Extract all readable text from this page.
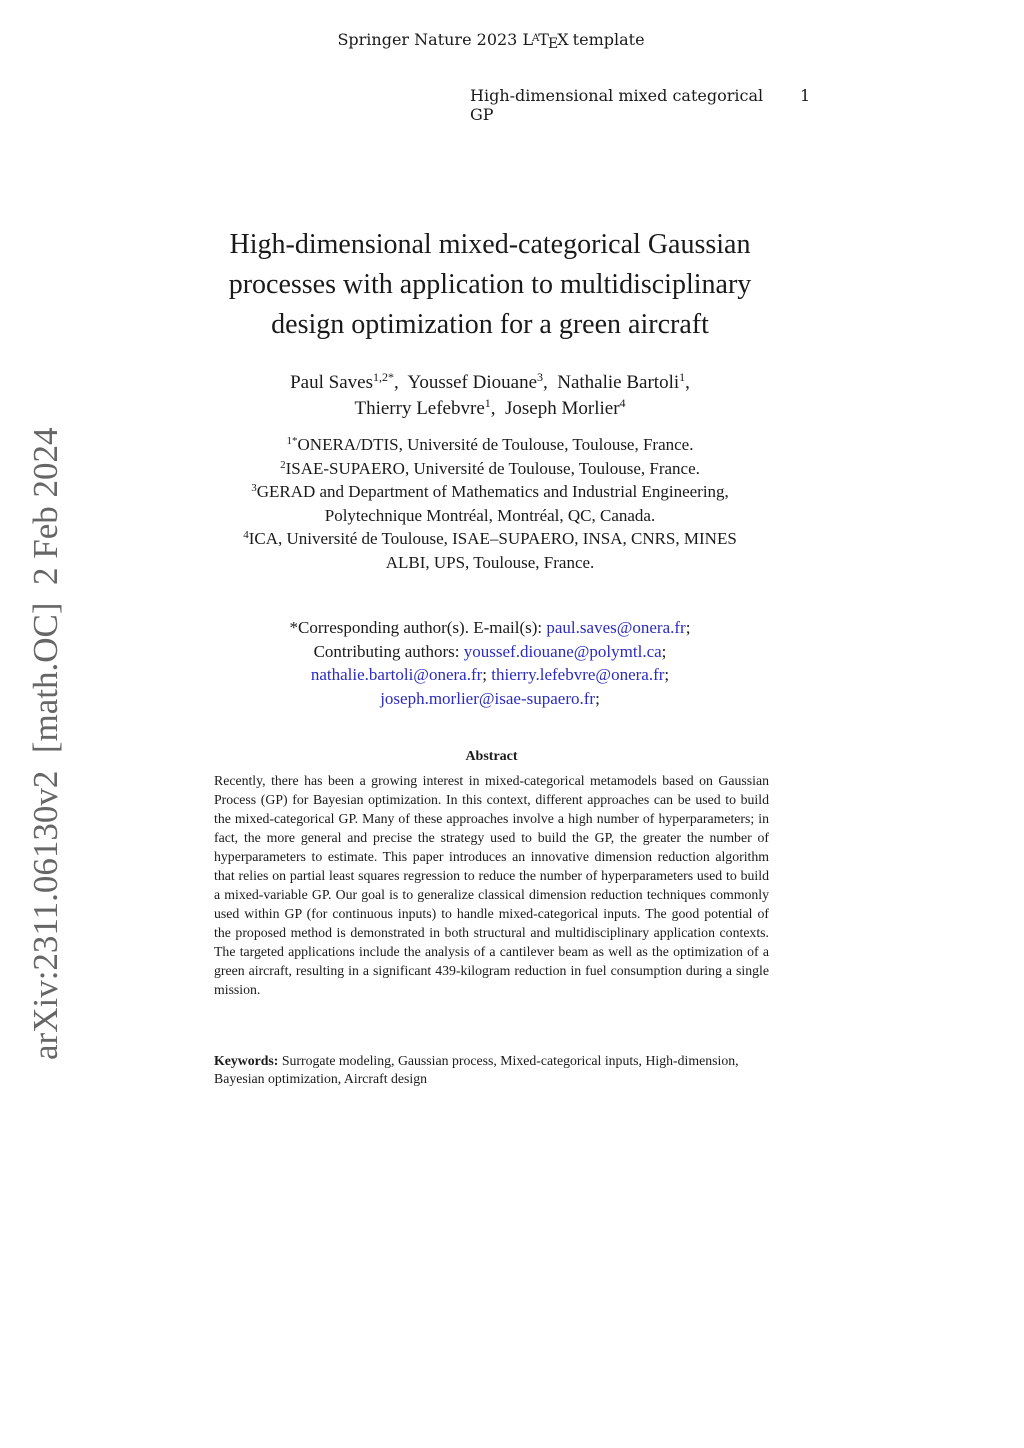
Springer Nature 2023 $L^AT_EX$ template
High-dimensional mixed categorical GP
1
arXiv:2311.06130v2  [math.OC]  2 Feb 2024
High-dimensional mixed-categorical Gaussian
processes with application to multidisciplinary
design optimization for a green aircraft
Paul Saves$^{1,2*}$,  Youssef Diouane$^3$,  Nathalie Bartoli$^1$,
Thierry Lefebvre$^1$,  Joseph Morlier$^4$
$^{1*}$ONERA/DTIS, Université de Toulouse, Toulouse, France.
$^2$ISAE-SUPAERO, Université de Toulouse, Toulouse, France.
$^3$GERAD and Department of Mathematics and Industrial Engineering,
Polytechnique Montréal, Montréal, QC, Canada.
$^4$ICA, Université de Toulouse, ISAE–SUPAERO, INSA, CNRS, MINES
ALBI, UPS, Toulouse, France.
*Corresponding author(s). E-mail(s): paul.saves@onera.fr;
Contributing authors: youssef.diouane@polymtl.ca;
nathalie.bartoli@onera.fr; thierry.lefebvre@onera.fr;
joseph.morlier@isae-supaero.fr;
Abstract
Recently, there has been a growing interest in mixed-categorical metamodels based on Gaussian Process (GP) for Bayesian optimization. In this context, different approaches can be used to build the mixed-categorical GP. Many of these approaches involve a high number of hyperparameters; in fact, the more general and precise the strategy used to build the GP, the greater the number of hyperparameters to estimate. This paper introduces an innovative dimension reduction algorithm that relies on partial least squares regression to reduce the number of hyperparameters used to build a mixed-variable GP. Our goal is to generalize classical dimension reduction techniques commonly used within GP (for continuous inputs) to handle mixed-categorical inputs. The good potential of the proposed method is demonstrated in both structural and multidisciplinary application contexts. The targeted applications include the analysis of a cantilever beam as well as the optimization of a green aircraft, resulting in a significant 439-kilogram reduction in fuel consumption during a single mission.
Keywords: Surrogate modeling, Gaussian process, Mixed-categorical inputs, High-dimension, Bayesian optimization, Aircraft design
